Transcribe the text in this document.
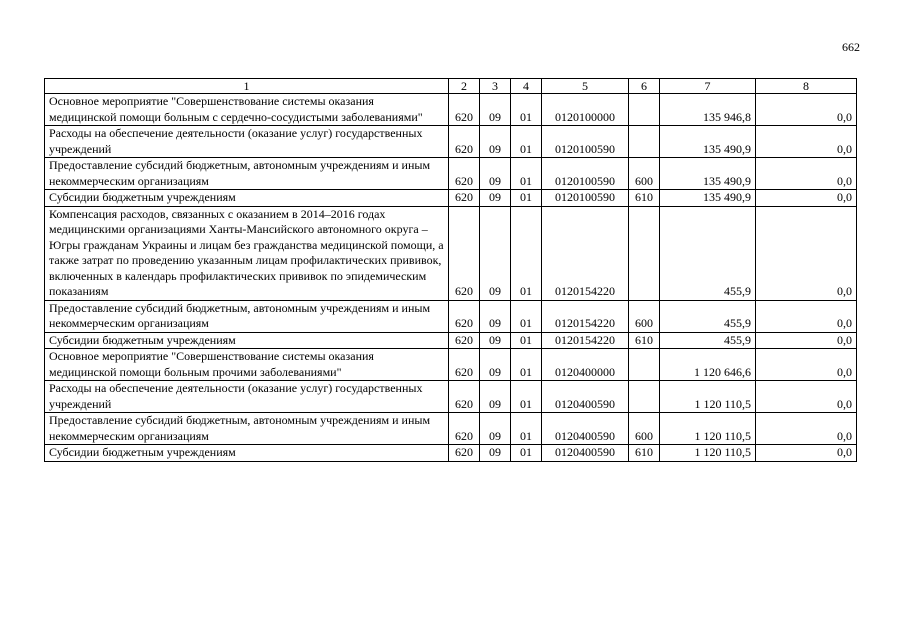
662
1	2	3	4	5	6	7	8
Основное мероприятие "Совершенствование системы оказания медицинской помощи больным с сердечно-сосудистыми заболеваниями"	620	09	01	0120100000		135 946,8	0,0
Расходы на обеспечение деятельности (оказание услуг) государственных учреждений	620	09	01	0120100590		135 490,9	0,0
Предоставление субсидий бюджетным, автономным учреждениям и иным некоммерческим организациям	620	09	01	0120100590	600	135 490,9	0,0
Субсидии бюджетным учреждениям	620	09	01	0120100590	610	135 490,9	0,0
Компенсация расходов, связанных с оказанием в 2014–2016 годах медицинскими организациями Ханты-Мансийского автономного округа – Югры гражданам Украины и лицам без гражданства медицинской помощи, а также затрат по проведению указанным лицам профилактических прививок, включенных в календарь профилактических прививок по эпидемическим показаниям	620	09	01	0120154220		455,9	0,0
Предоставление субсидий бюджетным, автономным учреждениям и иным некоммерческим организациям	620	09	01	0120154220	600	455,9	0,0
Субсидии бюджетным учреждениям	620	09	01	0120154220	610	455,9	0,0
Основное мероприятие "Совершенствование системы оказания медицинской помощи больным прочими заболеваниями"	620	09	01	0120400000		1 120 646,6	0,0
Расходы на обеспечение деятельности (оказание услуг) государственных учреждений	620	09	01	0120400590		1 120 110,5	0,0
Предоставление субсидий бюджетным, автономным учреждениям и иным некоммерческим организациям	620	09	01	0120400590	600	1 120 110,5	0,0
Субсидии бюджетным учреждениям	620	09	01	0120400590	610	1 120 110,5	0,0
